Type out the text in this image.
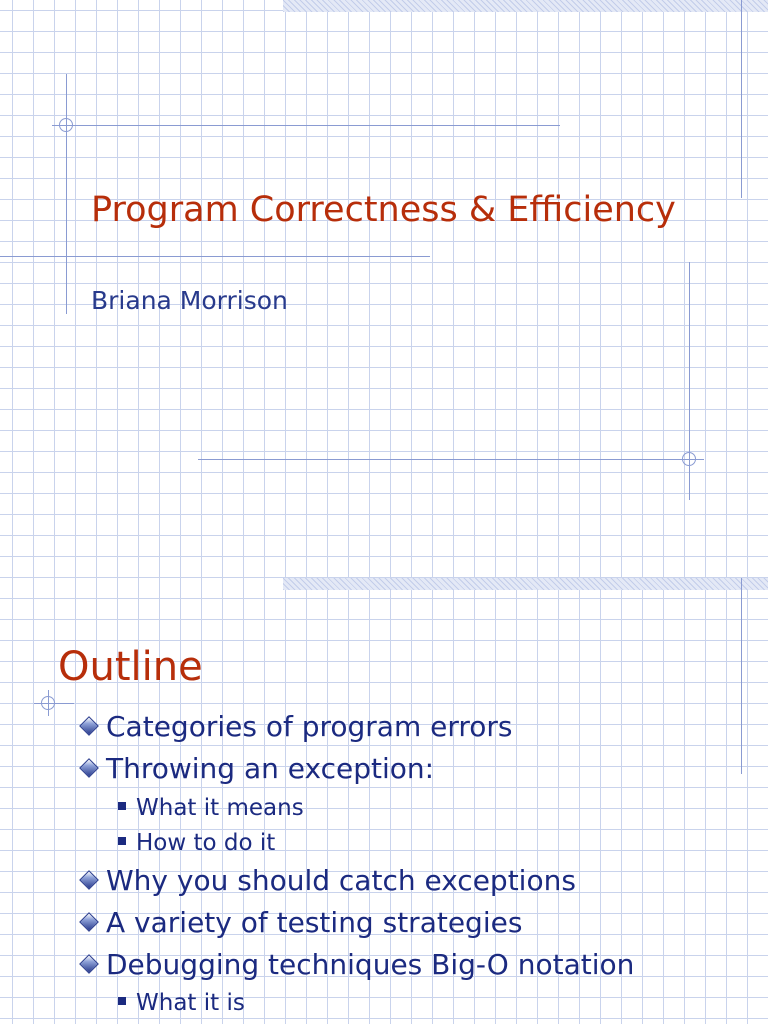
Program Correctness & Efficiency

Briana Morrison

Outline
Categories of program errors
Throwing an exception:
What it means
How to do it
Why you should catch exceptions
A variety of testing strategies
Debugging techniques Big-O notation
What it is
